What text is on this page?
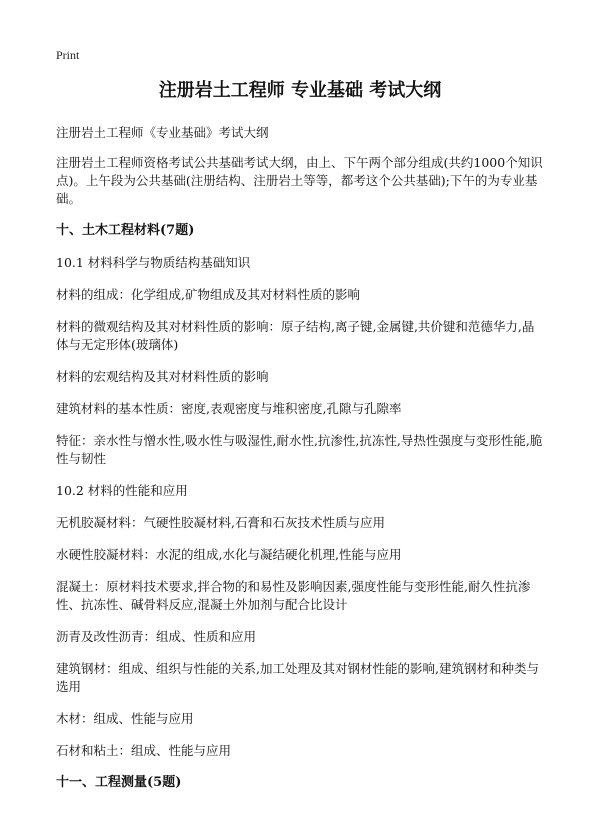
Print
注册岩土工程师 专业基础 考试大纲
注册岩土工程师《专业基础》考试大纲
注册岩土工程师资格考试公共基础考试大纲，由上、下午两个部分组成(共约1000个知识点)。上午段为公共基础(注册结构、注册岩土等等，都考这个公共基础);下午的为专业基础。
十、土木工程材料(7题)
10.1 材料科学与物质结构基础知识
材料的组成：化学组成,矿物组成及其对材料性质的影响
材料的微观结构及其对材料性质的影响：原子结构,离子键,金属键,共价键和范德华力,晶体与无定形体(玻璃体)
材料的宏观结构及其对材料性质的影响
建筑材料的基本性质：密度,表观密度与堆积密度,孔隙与孔隙率
特征：亲水性与憎水性,吸水性与吸湿性,耐水性,抗渗性,抗冻性,导热性强度与变形性能,脆性与韧性
10.2 材料的性能和应用
无机胶凝材料：气硬性胶凝材料,石膏和石灰技术性质与应用
水硬性胶凝材料：水泥的组成,水化与凝结硬化机理,性能与应用
混凝土：原材料技术要求,拌合物的和易性及影响因素,强度性能与变形性能,耐久性抗渗性、抗冻性、碱骨料反应,混凝土外加剂与配合比设计
沥青及改性沥青：组成、性质和应用
建筑钢材：组成、组织与性能的关系,加工处理及其对钢材性能的影响,建筑钢材和种类与选用
木材：组成、性能与应用
石材和粘土：组成、性能与应用
十一、工程测量(5题)
